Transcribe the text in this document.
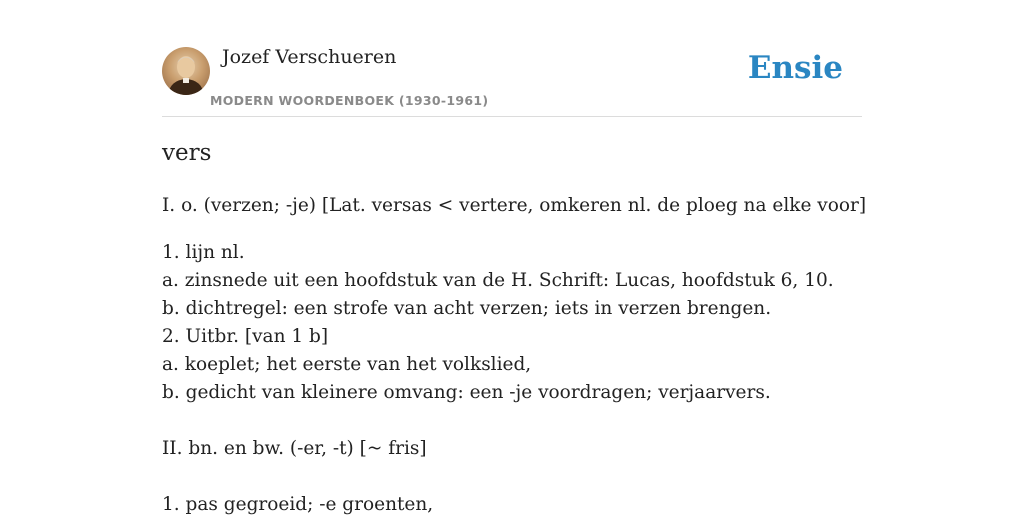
Jozef Verschueren
MODERN WOORDENBOEK (1930-1961)
Ensie
vers
I. o. (verzen; -je) [Lat. versas < vertere, omkeren nl. de ploeg na elke voor]
1. lijn nl.
a. zinsnede uit een hoofdstuk van de H. Schrift: Lucas, hoofdstuk 6, 10.
b. dichtregel: een strofe van acht verzen; iets in verzen brengen.
2. Uitbr. [van 1 b]
a. koeplet; het eerste van het volkslied,
b. gedicht van kleinere omvang: een -je voordragen; verjaarvers.
II. bn. en bw. (-er, -t) [~ fris]
1. pas gegroeid; -e groenten,
